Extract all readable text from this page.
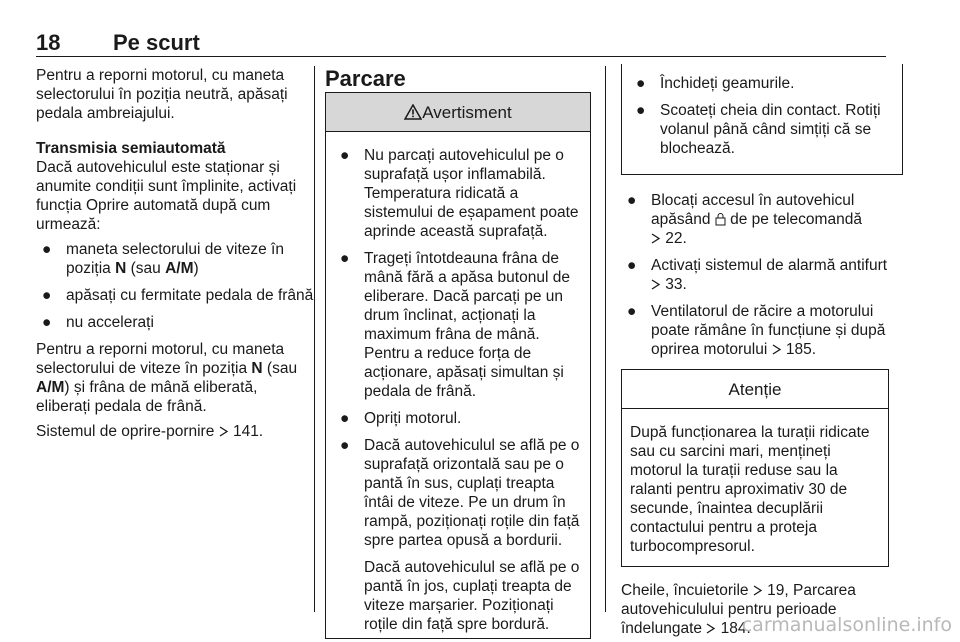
18 Pe scurt

Pentru a reporni motorul, cu maneta selectorului în poziția neutră, apăsați pedala ambreiajului.

Transmisia semiautomată

Dacă autovehiculul este staționar și anumite condiții sunt împlinite, activați funcția Oprire automată după cum urmează:

● maneta selectorului de viteze în poziția N (sau A/M)
● apăsați cu fermitate pedala de frână
● nu accelerați

Pentru a reporni motorul, cu maneta selectorului de viteze în poziția N (sau A/M) și frâna de mână eliberată, eliberați pedala de frână.

Sistemul de oprire-pornire  141.

Parcare

Avertisment
● Nu parcați autovehiculul pe o suprafață ușor inflamabilă. Temperatura ridicată a sistemului de eșapament poate aprinde această suprafață.
● Trageți întotdeauna frâna de mână fără a apăsa butonul de eliberare. Dacă parcați pe un drum înclinat, acționați la maximum frâna de mână. Pentru a reduce forța de acționare, apăsați simultan și pedala de frână.
● Opriți motorul.
● Dacă autovehiculul se află pe o suprafață orizontală sau pe o pantă în sus, cuplați treapta întâi de viteze. Pe un drum în rampă, poziționați roțile din față spre partea opusă a bordurii.

Dacă autovehiculul se află pe o pantă în jos, cuplați treapta de viteze marșarier. Poziționați roțile din față spre bordură.

● Închideți geamurile.
● Scoateți cheia din contact. Rotiți volanul până când simțiți că se blochează.
● Blocați accesul în autovehicul apăsând  de pe telecomandă
22.
● Activați sistemul de alarmă antifurt  33.
● Ventilatorul de răcire a motorului poate rămâne în funcțiune și după oprirea motorului  185.
Atenție

După funcționarea la turații ridicate sau cu sarcini mari, mențineți motorul la turații reduse sau la ralanti pentru aproximativ 30 de secunde, înaintea decuplării contactului pentru a proteja turbocompresorul.

Cheile, încuietorile  19, Parcarea autovehiculului pentru perioade îndelungate  184.

carmanualsonline.info
